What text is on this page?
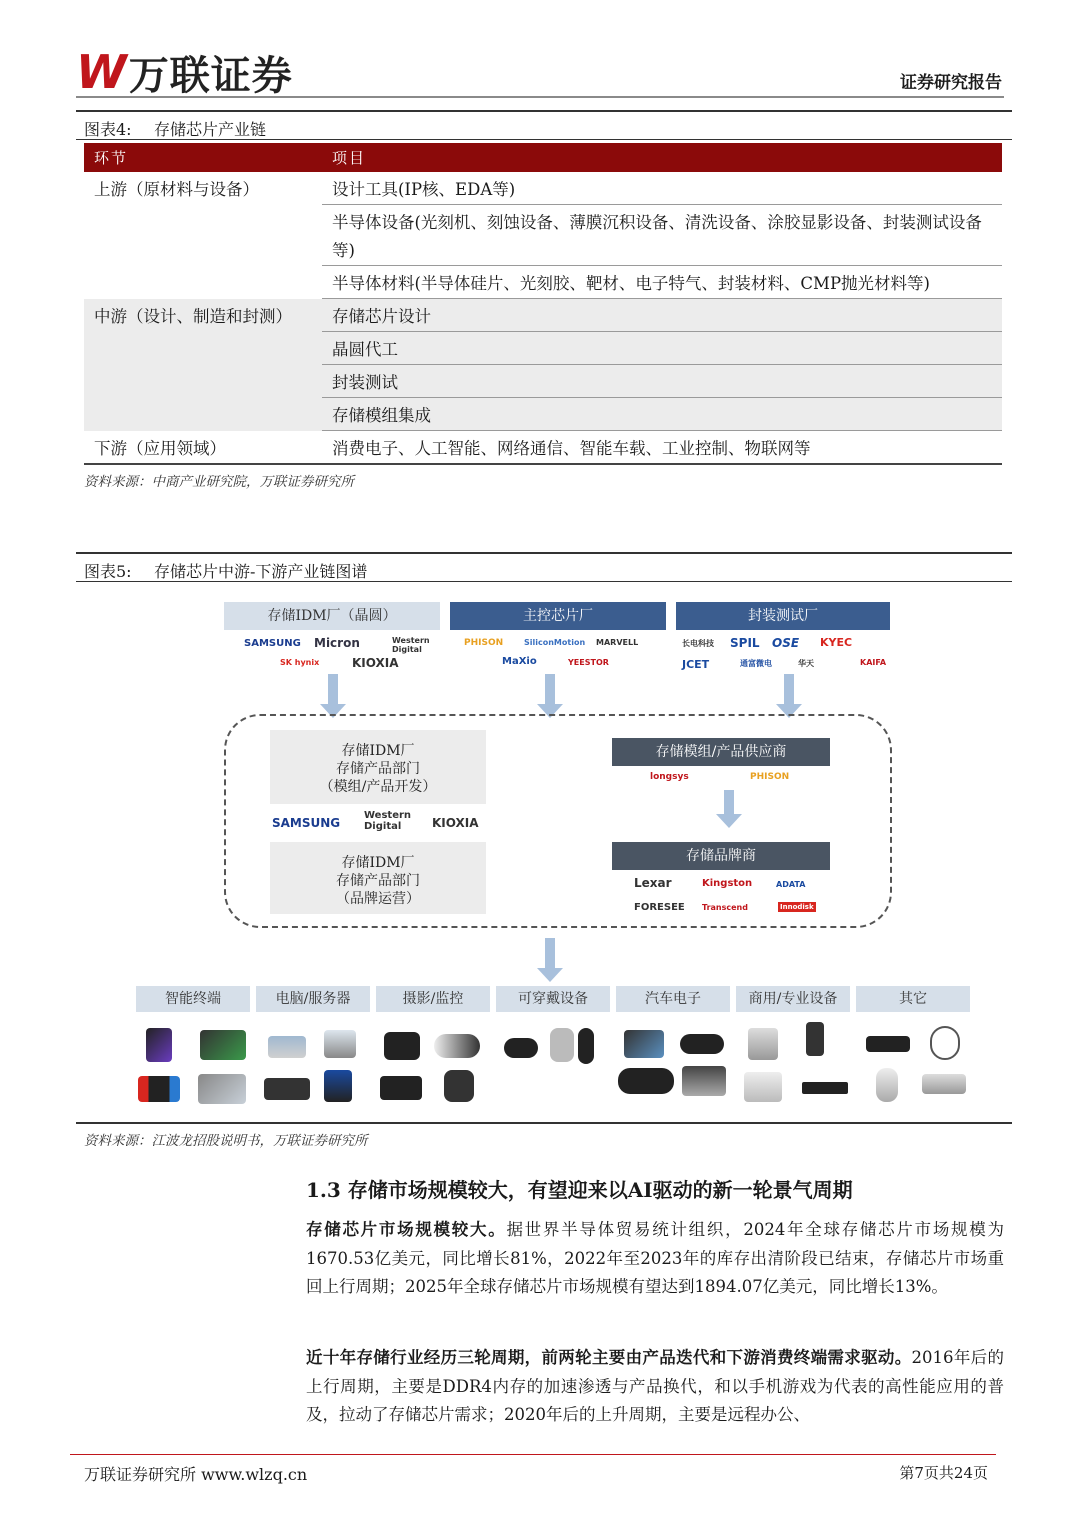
W 万联证券	证券研究报告
图表4: 存储芯片产业链
环节	项目
上游（原材料与设备）	设计工具(IP核、EDA等)
	半导体设备(光刻机、刻蚀设备、薄膜沉积设备、清洗设备、涂胶显影设备、封装测试设备等)
	半导体材料(半导体硅片、光刻胶、靶材、电子特气、封装材料、CMP抛光材料等)
中游（设计、制造和封测）	存储芯片设计
	晶圆代工
	封装测试
	存储模组集成
下游（应用领域）	消费电子、人工智能、网络通信、智能车载、工业控制、物联网等
资料来源：中商产业研究院，万联证券研究所
图表5: 存储芯片中游-下游产业链图谱
存储IDM厂（晶圆）	主控芯片厂	封装测试厂
SAMSUNG Micron	Western Digital
SK hynix	KIOXIA
PHISON	SiliconMotion MARVELL
MaXio	YEESTOR
长电科技 SPIL OSE KYEC
JCET	通富微电	华天	KAIFA
存储IDM厂
存储产品部门
（模组/产品开发）
SAMSUNG
Western Digital	KIOXIA
存储IDM厂
存储产品部门
（品牌运营）
存储模组/产品供应商
longsys	PHISON
存储品牌商
Lexar	Kingston	ADATA
FORESEE Transcend	Innodisk
智能终端	电脑/服务器	摄影/监控	可穿戴设备	汽车电子	商用/专业设备	其它
资料来源：江波龙招股说明书，万联证券研究所
1.3 存储市场规模较大，有望迎来以AI驱动的新一轮景气周期
存储芯片市场规模较大。据世界半导体贸易统计组织，2024年全球存储芯片市场规模为1670.53亿美元，同比增长81%，2022年至2023年的库存出清阶段已结束，存储芯片市场重回上行周期；2025年全球存储芯片市场规模有望达到1894.07亿美元，同比增长13%。
近十年存储行业经历三轮周期，前两轮主要由产品迭代和下游消费终端需求驱动。2016年后的上行周期，主要是DDR4内存的加速渗透与产品换代，和以手机游戏为代表的高性能应用的普及，拉动了存储芯片需求；2020年后的上升周期，主要是远程办公、
万联证券研究所 www.wlzq.cn	第7页共24页
